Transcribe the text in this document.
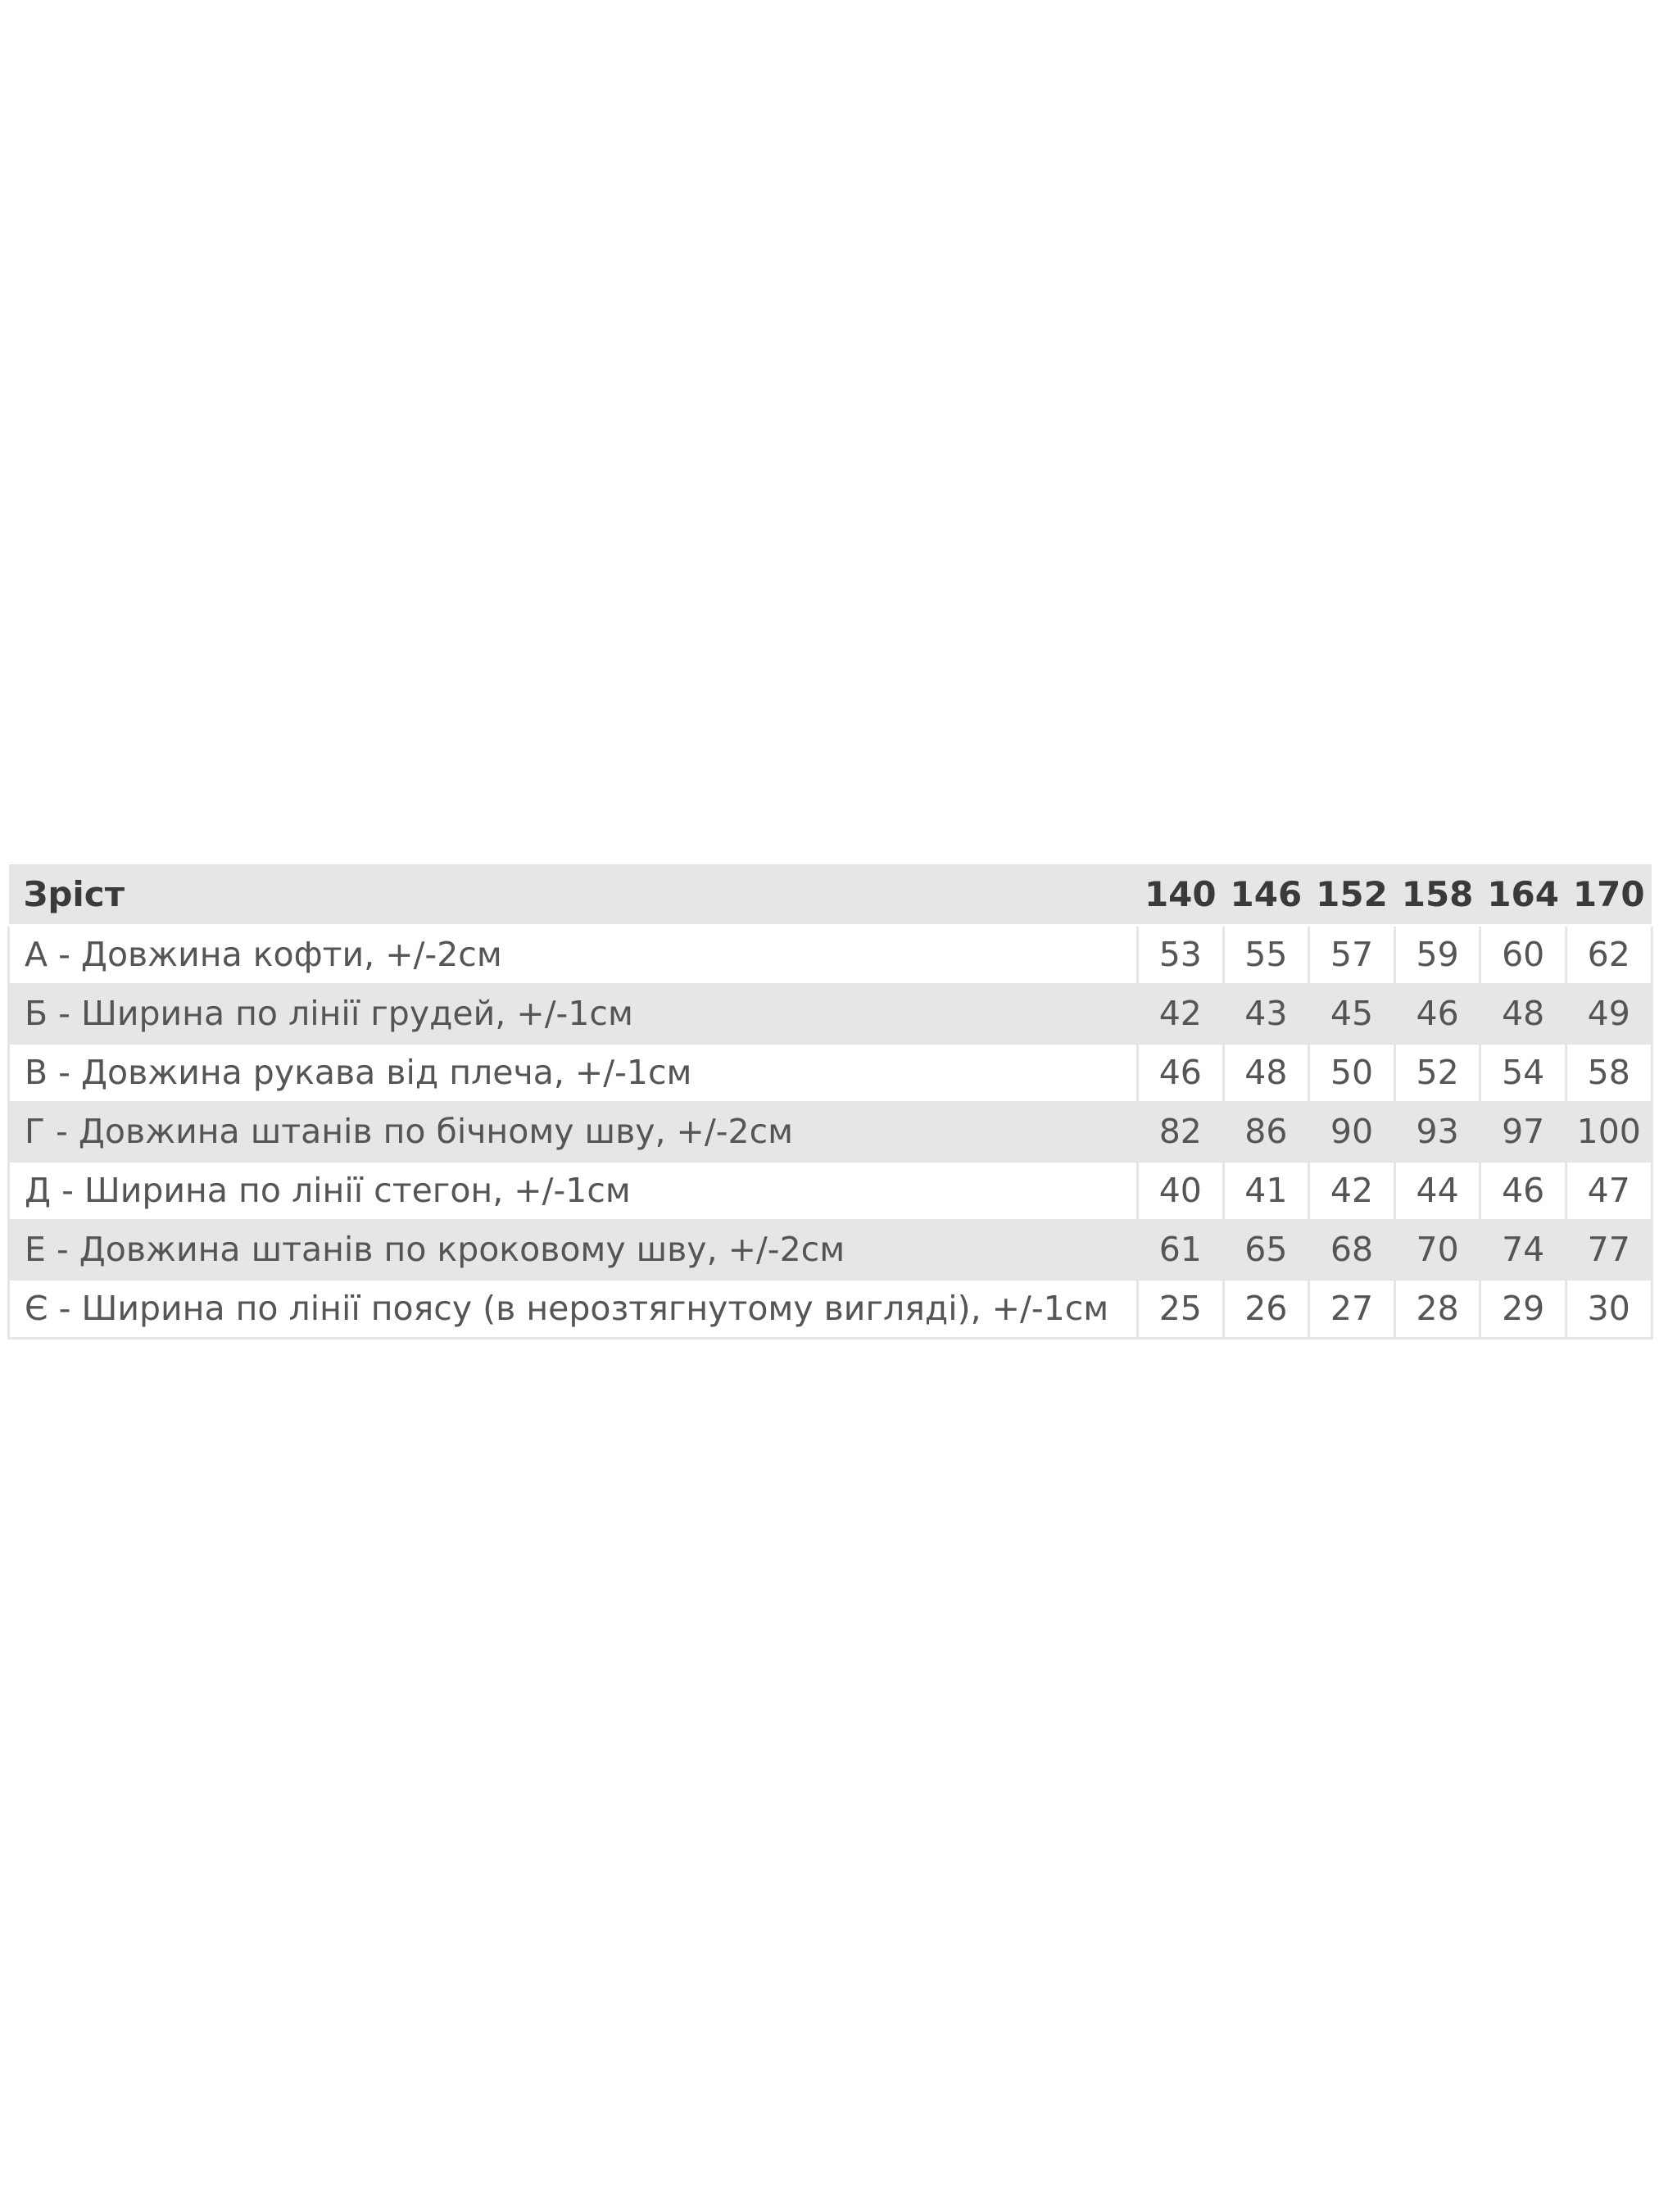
Зріст	140	146	152	158	164	170
А - Довжина кофти, +/-2см	53	55	57	59	60	62
Б - Ширина по лінії грудей, +/-1см	42	43	45	46	48	49
В - Довжина рукава від плеча, +/-1см	46	48	50	52	54	58
Г - Довжина штанів по бічному шву, +/-2см	82	86	90	93	97	100
Д - Ширина по лінії стегон, +/-1см	40	41	42	44	46	47
Е - Довжина штанів по кроковому шву, +/-2см	61	65	68	70	74	77
Є - Ширина по лінії поясу (в нерозтягнутому вигляді), +/-1см	25	26	27	28	29	30
